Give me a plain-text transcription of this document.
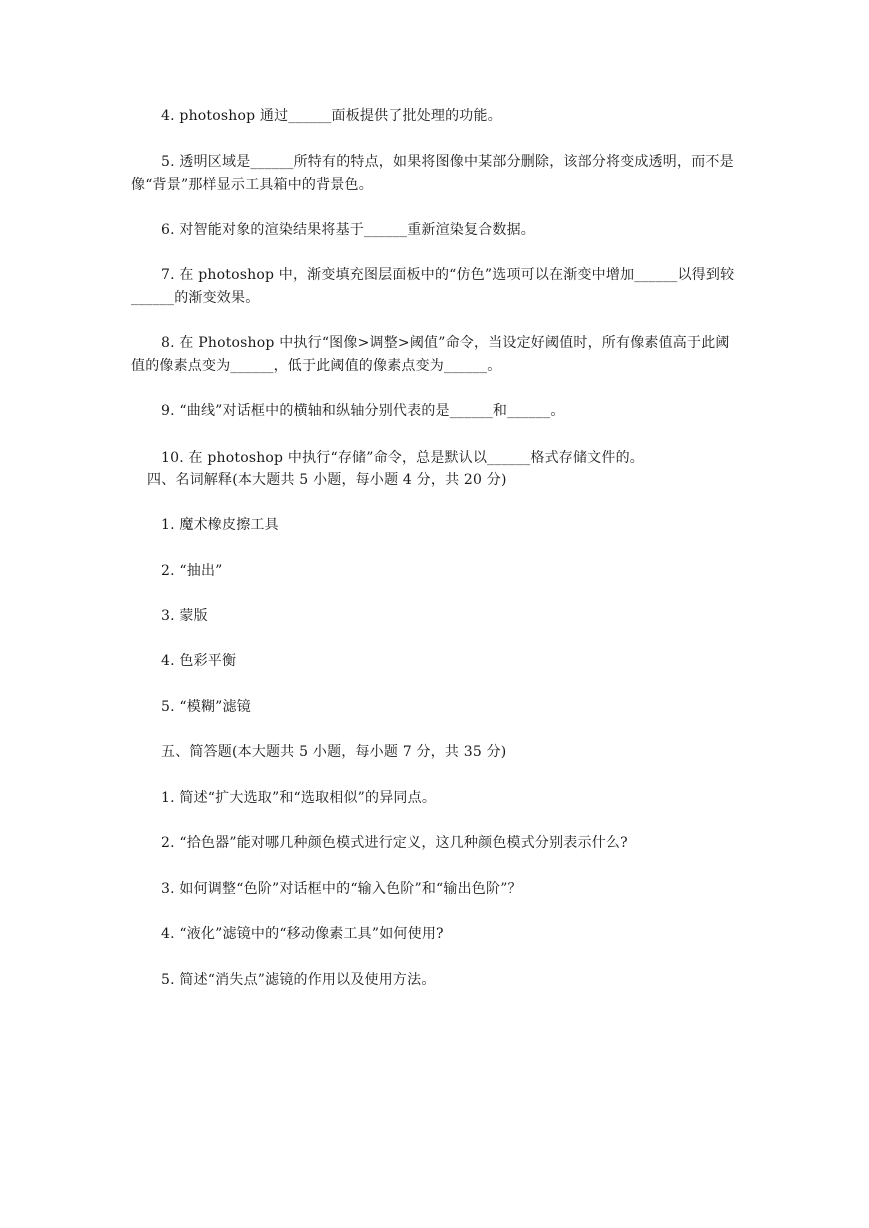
4. photoshop 通过______面板提供了批处理的功能。
5. 透明区域是______所特有的特点，如果将图像中某部分删除，该部分将变成透明，而不是像“背景”那样显示工具箱中的背景色。
6. 对智能对象的渲染结果将基于______重新渲染复合数据。
7. 在 photoshop 中，渐变填充图层面板中的“仿色”选项可以在渐变中增加______以得到较______的渐变效果。
8. 在 Photoshop 中执行“图像>调整>阈值”命令，当设定好阈值时，所有像素值高于此阈值的像素点变为______，低于此阈值的像素点变为______。
9. “曲线”对话框中的横轴和纵轴分别代表的是______和______。
10. 在 photoshop 中执行“存储”命令，总是默认以______格式存储文件的。
四、名词解释(本大题共 5 小题，每小题 4 分，共 20 分)
1. 魔术橡皮擦工具
2. “抽出”
3. 蒙版
4. 色彩平衡
5. “模糊”滤镜
五、简答题(本大题共 5 小题，每小题 7 分，共 35 分)
1. 简述“扩大选取”和“选取相似”的异同点。
2. “拾色器”能对哪几种颜色模式进行定义，这几种颜色模式分别表示什么?
3. 如何调整“色阶”对话框中的“输入色阶”和“输出色阶”？
4. “液化”滤镜中的“移动像素工具”如何使用?
5. 简述“消失点”滤镜的作用以及使用方法。
